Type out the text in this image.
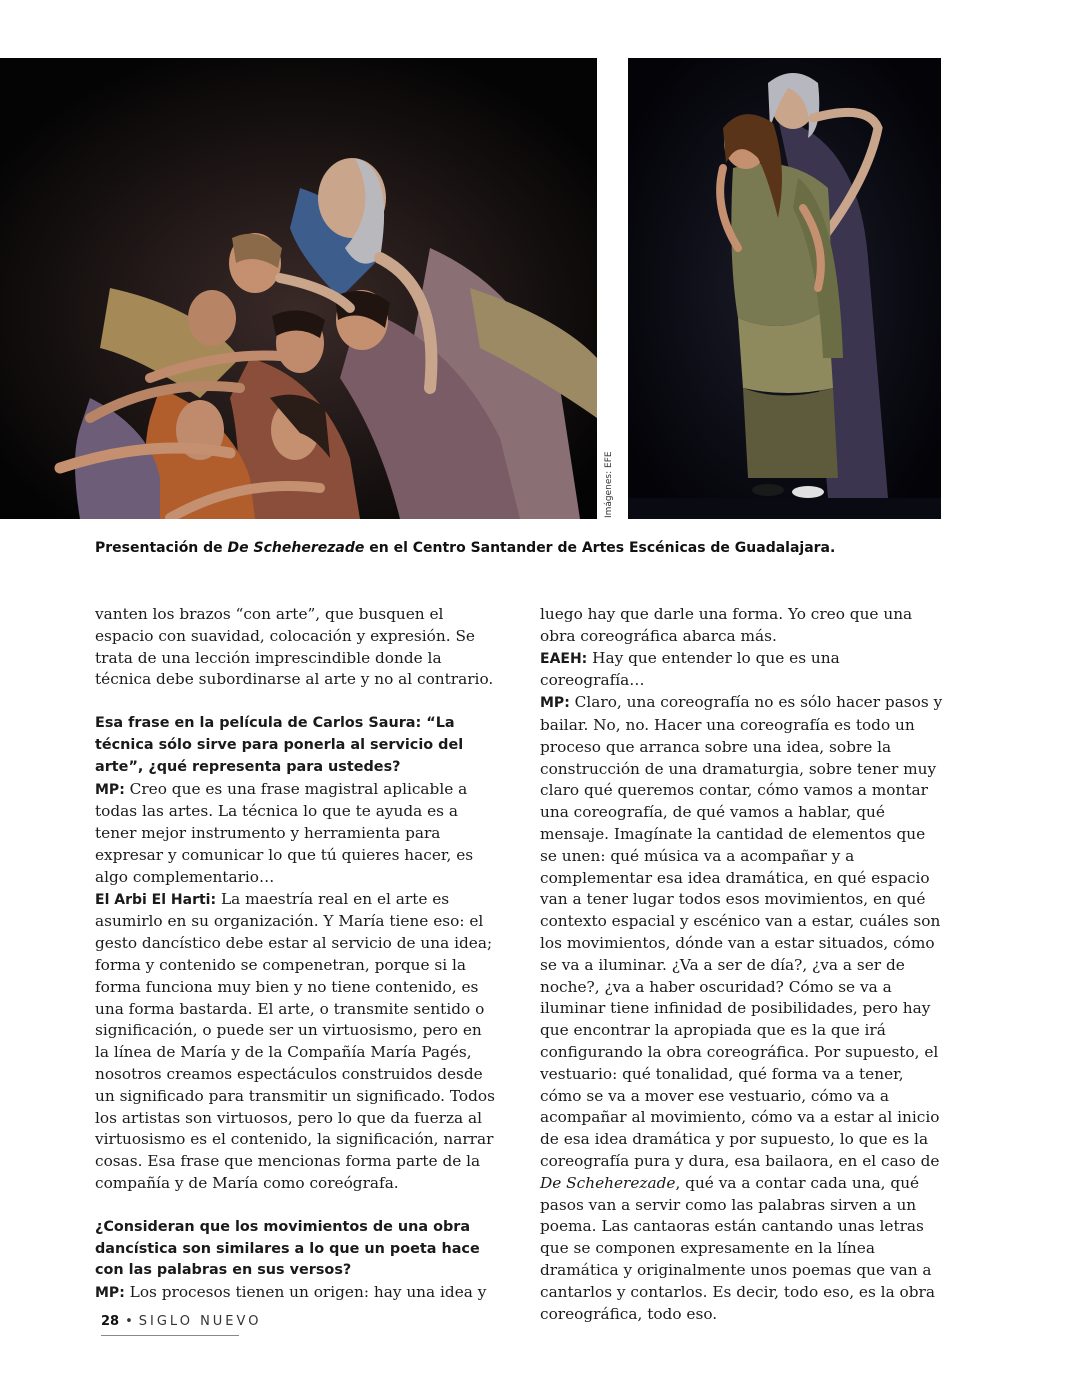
Imágenes: EFE
Presentación de De Scheherezade en el Centro Santander de Artes Escénicas de Guadalajara.

vanten los brazos “con arte”, que busquen el espacio con suavidad, colocación y expresión. Se trata de una lección imprescindible donde la técnica debe subordinarse al arte y no al contrario.

Esa frase en la película de Carlos Saura: “La técnica sólo sirve para ponerla al servicio del arte”, ¿qué representa para ustedes?

MP: Creo que es una frase magistral aplicable a todas las artes. La técnica lo que te ayuda es a tener mejor instrumento y herramienta para expresar y comunicar lo que tú quieres hacer, es algo complementario…

El Arbi El Harti: La maestría real en el arte es asumirlo en su organización. Y María tiene eso: el gesto dancístico debe estar al servicio de una idea; forma y contenido se compenetran, porque si la forma funciona muy bien y no tiene contenido, es una forma bastarda. El arte, o transmite sentido o significación, o puede ser un virtuosismo, pero en la línea de María y de la Compañía María Pagés, nosotros creamos espectáculos construidos desde un significado para transmitir un significado. Todos los artistas son virtuosos, pero lo que da fuerza al virtuosismo es el contenido, la significación, narrar cosas. Esa frase que mencionas forma parte de la compañía y de María como coreógrafa.

¿Consideran que los movimientos de una obra dancística son similares a lo que un poeta hace con las palabras en sus versos?

MP: Los procesos tienen un origen: hay una idea y

luego hay que darle una forma. Yo creo que una obra coreográfica abarca más.

EAEH: Hay que entender lo que es una coreografía…

MP: Claro, una coreografía no es sólo hacer pasos y bailar. No, no. Hacer una coreografía es todo un proceso que arranca sobre una idea, sobre la construcción de una dramaturgia, sobre tener muy claro qué queremos contar, cómo vamos a montar una coreografía, de qué vamos a hablar, qué mensaje. Imagínate la cantidad de elementos que se unen: qué música va a acompañar y a complementar esa idea dramática, en qué espacio van a tener lugar todos esos movimientos, en qué contexto espacial y escénico van a estar, cuáles son los movimientos, dónde van a estar situados, cómo se va a iluminar. ¿Va a ser de día?, ¿va a ser de noche?, ¿va a haber oscuridad? Cómo se va a iluminar tiene infinidad de posibilidades, pero hay que encontrar la apropiada que es la que irá configurando la obra coreográfica. Por supuesto, el vestuario: qué tonalidad, qué forma va a tener, cómo se va a mover ese vestuario, cómo va a acompañar al movimiento, cómo va a estar al inicio de esa idea dramática y por supuesto, lo que es la coreografía pura y dura, esa bailaora, en el caso de De Scheherezade, qué va a contar cada una, qué pasos van a servir como las palabras sirven a un poema. Las cantaoras están cantando unas letras que se componen expresamente en la línea dramática y originalmente unos poemas que van a cantarlos y contarlos. Es decir, todo eso, es la obra coreográfica, todo eso.

28 • SIGLO NUEVO
